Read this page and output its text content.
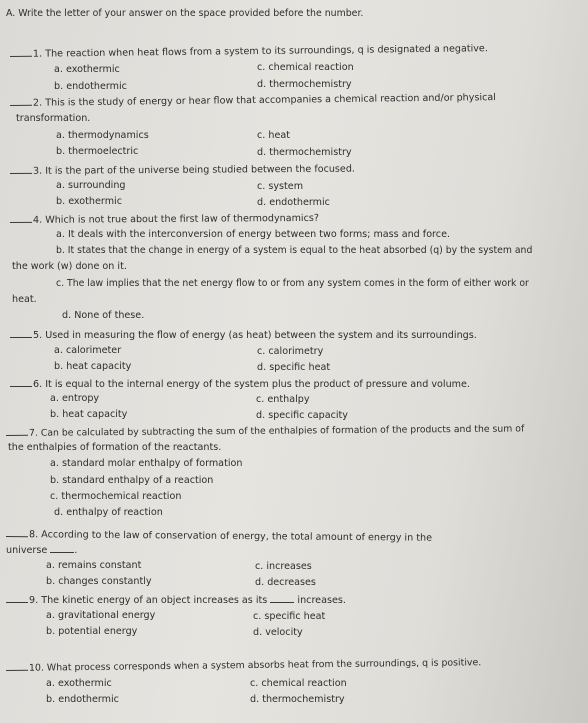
A. Write the letter of your answer on the space provided before the number.
1. The reaction when heat flows from a system to its surroundings, q is designated a negative.
a. exothermic	c. chemical reaction
b. endothermic	d. thermochemistry
2. This is the study of energy or hear flow that accompanies a chemical reaction and/or physical
transformation.
a. thermodynamics	c. heat
b. thermoelectric	d. thermochemistry
3. It is the part of the universe being studied between the focused.
a. surrounding	c. system
b. exothermic	d. endothermic
4. Which is not true about the first law of thermodynamics?
a. It deals with the interconversion of energy between two forms; mass and force.
b. It states that the change in energy of a system is equal to the heat absorbed (q) by the system and
the work (w) done on it.
c. The law implies that the net energy flow to or from any system comes in the form of either work or
heat.
d. None of these.
5. Used in measuring the flow of energy (as heat) between the system and its surroundings.
a. calorimeter	c. calorimetry
b. heat capacity	d. specific heat
6. It is equal to the internal energy of the system plus the product of pressure and volume.
a. entropy	c. enthalpy
b. heat capacity	d. specific capacity
7. Can be calculated by subtracting the sum of the enthalpies of formation of the products and the sum of
the enthalpies of formation of the reactants.
a. standard molar enthalpy of formation
b. standard enthalpy of a reaction
c. thermochemical reaction
d. enthalpy of reaction
8. According to the law of conservation of energy, the total amount of energy in the
universe	.
a. remains constant	c. increases
b. changes constantly	d. decreases
9. The kinetic energy of an object increases as its	increases.
a. gravitational energy	c. specific heat
b. potential energy	d. velocity
10. What process corresponds when a system absorbs heat from the surroundings, q is positive.
a. exothermic	c. chemical reaction
b. endothermic	d. thermochemistry
